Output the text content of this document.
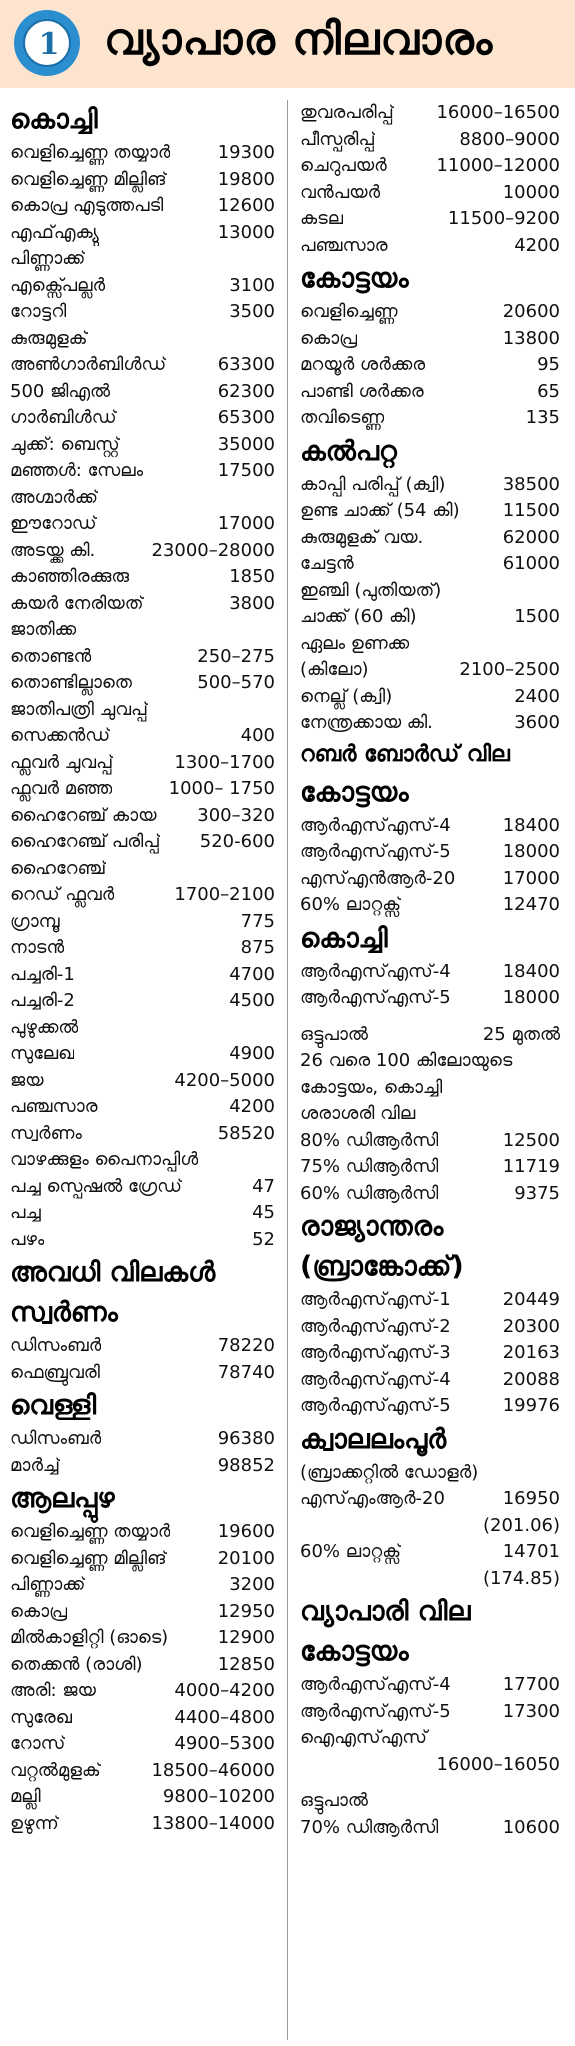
1	വ്യാപാര നിലവാരം
കൊച്ചി
വെളിച്ചെണ്ണ തയ്യാർ	19300
വെളിച്ചെണ്ണ മില്ലിങ്	19800
കൊപ്ര എടുത്തപടി	12600
എഫ്എക്യു	13000
പിണ്ണാക്ക്
എക്സ്പെല്ലർ	3100
റോട്ടറി	3500
കുരുമുളക്
അൺഗാർബിൾഡ്	63300
500 ജിഎൽ	62300
ഗാർബിൾഡ്	65300
ചുക്ക്: ബെസ്റ്റ്	35000
മഞ്ഞൾ: സേലം	17500
അഗ്മാർക്ക്
ഈറോഡ്	17000
അടയ്ക്ക കി.	23000–28000
കാഞ്ഞിരക്കുരു	1850
കയർ നേരിയത്	3800
ജാതിക്ക
തൊണ്ടൻ	250–275
തൊണ്ടില്ലാതെ	500–570
ജാതിപത്രി ചുവപ്പ്
സെക്കൻഡ്	400
ഫ്ലവർ ചുവപ്പ്	1300–1700
ഫ്ലവർ മഞ്ഞ	1000– 1750
ഹൈറേഞ്ച് കായ 300–320
ഹൈറേഞ്ച് പരിപ്പ് 520-600
ഹൈറേഞ്ച്
റെഡ് ഫ്ലവർ	1700–2100
ഗ്രാമ്പൂ	775
നാടൻ	875
പച്ചരി-1	4700
പച്ചരി-2	4500
പുഴുക്കൽ
സുലേഖ	4900
ജയ	4200–5000
പഞ്ചസാര	4200
സ്വർണം	58520
വാഴക്കുളം പൈനാപ്പിൾ
പച്ച സ്പെഷൽ ഗ്രേഡ്	47
പച്ച	45
പഴം	52
അവധി വിലകൾ
സ്വർണം
ഡിസംബർ	78220
ഫെബ്രുവരി	78740
വെള്ളി
ഡിസംബർ	96380
മാർച്ച്	98852
ആലപ്പുഴ
വെളിച്ചെണ്ണ തയ്യാർ	19600
വെളിച്ചെണ്ണ മില്ലിങ്	20100
പിണ്ണാക്ക്	3200
കൊപ്ര	12950
മിൽകാളിറ്റി (ഓടെ)	12900
തെക്കൻ (രാശി)	12850
അരി: ജയ	4000–4200
സുരേഖ	4400–4800
റോസ്	4900–5300
വറ്റൽമുളക്	18500–46000
മല്ലി	9800–10200
ഉഴുന്ന്	13800–14000
തുവരപരിപ്പ് 16000–16500
പീസ്പരിപ്പ്	8800–9000
ചെറുപയർ	11000–12000
വൻപയർ	10000
കടല	11500–9200
പഞ്ചസാര	4200
കോട്ടയം
വെളിച്ചെണ്ണ	20600
കൊപ്ര	13800
മറയൂർ ശർക്കര	95
പാണ്ടി ശർക്കര	65
തവിടെണ്ണ	135
കൽപറ്റ
കാപ്പി പരിപ്പ് (ക്വി)	38500
ഉണ്ട ചാക്ക് (54 കി) 11500
കുരുമുളക് വയ.	62000
ചേട്ടൻ	61000
ഇഞ്ചി (പുതിയത്)
ചാക്ക് (60 കി)	1500
ഏലം ഉണക്ക
(കിലോ)	2100–2500
നെല്ല് (ക്വി)	2400
നേന്ത്രക്കായ കി.	3600
റബർ ബോർഡ് വില
കോട്ടയം
ആർഎസ്എസ്-4	18400
ആർഎസ്എസ്-5	18000
എസ്എൻആർ-20	17000
60% ലാറ്റക്സ്	12470
കൊച്ചി
ആർഎസ്എസ്-4	18400
ആർഎസ്എസ്-5	18000
ഒട്ടുപാൽ	25 മുതൽ
26 വരെ 100 കിലോയുടെ
കോട്ടയം, കൊച്ചി
ശരാശരി വില
80% ഡിആർസി	12500
75% ഡിആർസി	11719
60% ഡിആർസി	9375
രാജ്യാന്തരം
(ബ്രാങ്കോക്ക്)
ആർഎസ്എസ്-1	20449
ആർഎസ്എസ്-2	20300
ആർഎസ്എസ്-3	20163
ആർഎസ്എസ്-4	20088
ആർഎസ്എസ്-5	19976
ക്വാലലംപൂർ
(ബ്രാക്കറ്റിൽ ഡോളർ)
എസ്എംആർ-20	16950
(201.06)
60% ലാറ്റക്സ്	14701
(174.85)
വ്യാപാരി വില
കോട്ടയം
ആർഎസ്എസ്-4	17700
ആർഎസ്എസ്-5	17300
ഐഎസ്എസ്
16000–16050
ഒട്ടുപാൽ
70% ഡിആർസി	10600
